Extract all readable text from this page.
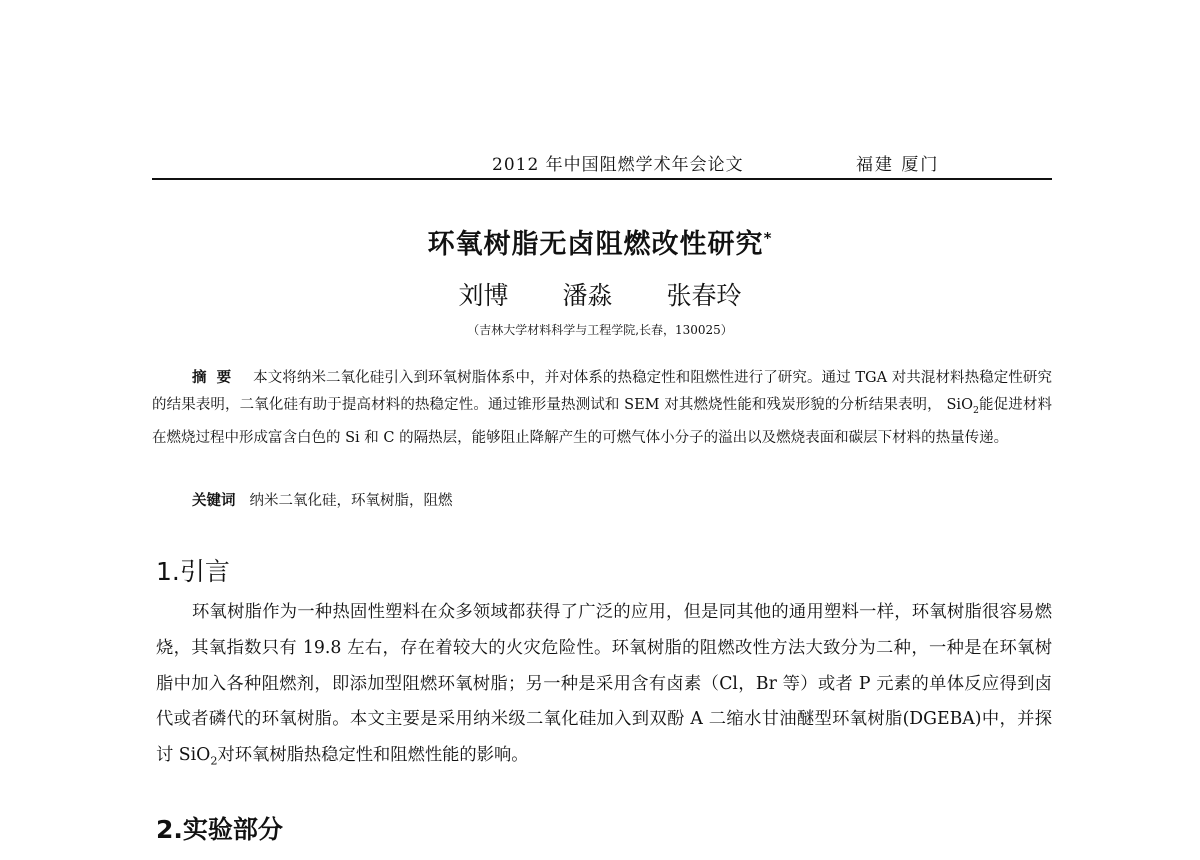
2012 年中国阻燃学术年会论文	福建 厦门
环氧树脂无卤阻燃改性研究*
刘博 潘淼 张春玲
（吉林大学材料科学与工程学院,长春，130025）
摘要 本文将纳米二氧化硅引入到环氧树脂体系中，并对体系的热稳定性和阻燃性进行了研究。通过 TGA 对共混材料热稳定性研究的结果表明，二氧化硅有助于提高材料的热稳定性。通过锥形量热测试和 SEM 对其燃烧性能和残炭形貌的分析结果表明， SiO$_2$能促进材料在燃烧过程中形成富含白色的 Si 和 C 的隔热层，能够阻止降解产生的可燃气体小分子的溢出以及燃烧表面和碳层下材料的热量传递。
关键词 纳米二氧化硅，环氧树脂，阻燃
1.引言
环氧树脂作为一种热固性塑料在众多领域都获得了广泛的应用，但是同其他的通用塑料一样，环氧树脂很容易燃烧，其氧指数只有 19.8 左右，存在着较大的火灾危险性。环氧树脂的阻燃改性方法大致分为二种，一种是在环氧树脂中加入各种阻燃剂，即添加型阻燃环氧树脂；另一种是采用含有卤素（Cl，Br 等）或者 P 元素的单体反应得到卤代或者磷代的环氧树脂。本文主要是采用纳米级二氧化硅加入到双酚 A 二缩水甘油醚型环氧树脂(DGEBA)中，并探讨 SiO$_2$对环氧树脂热稳定性和阻燃性能的影响。
2.实验部分
